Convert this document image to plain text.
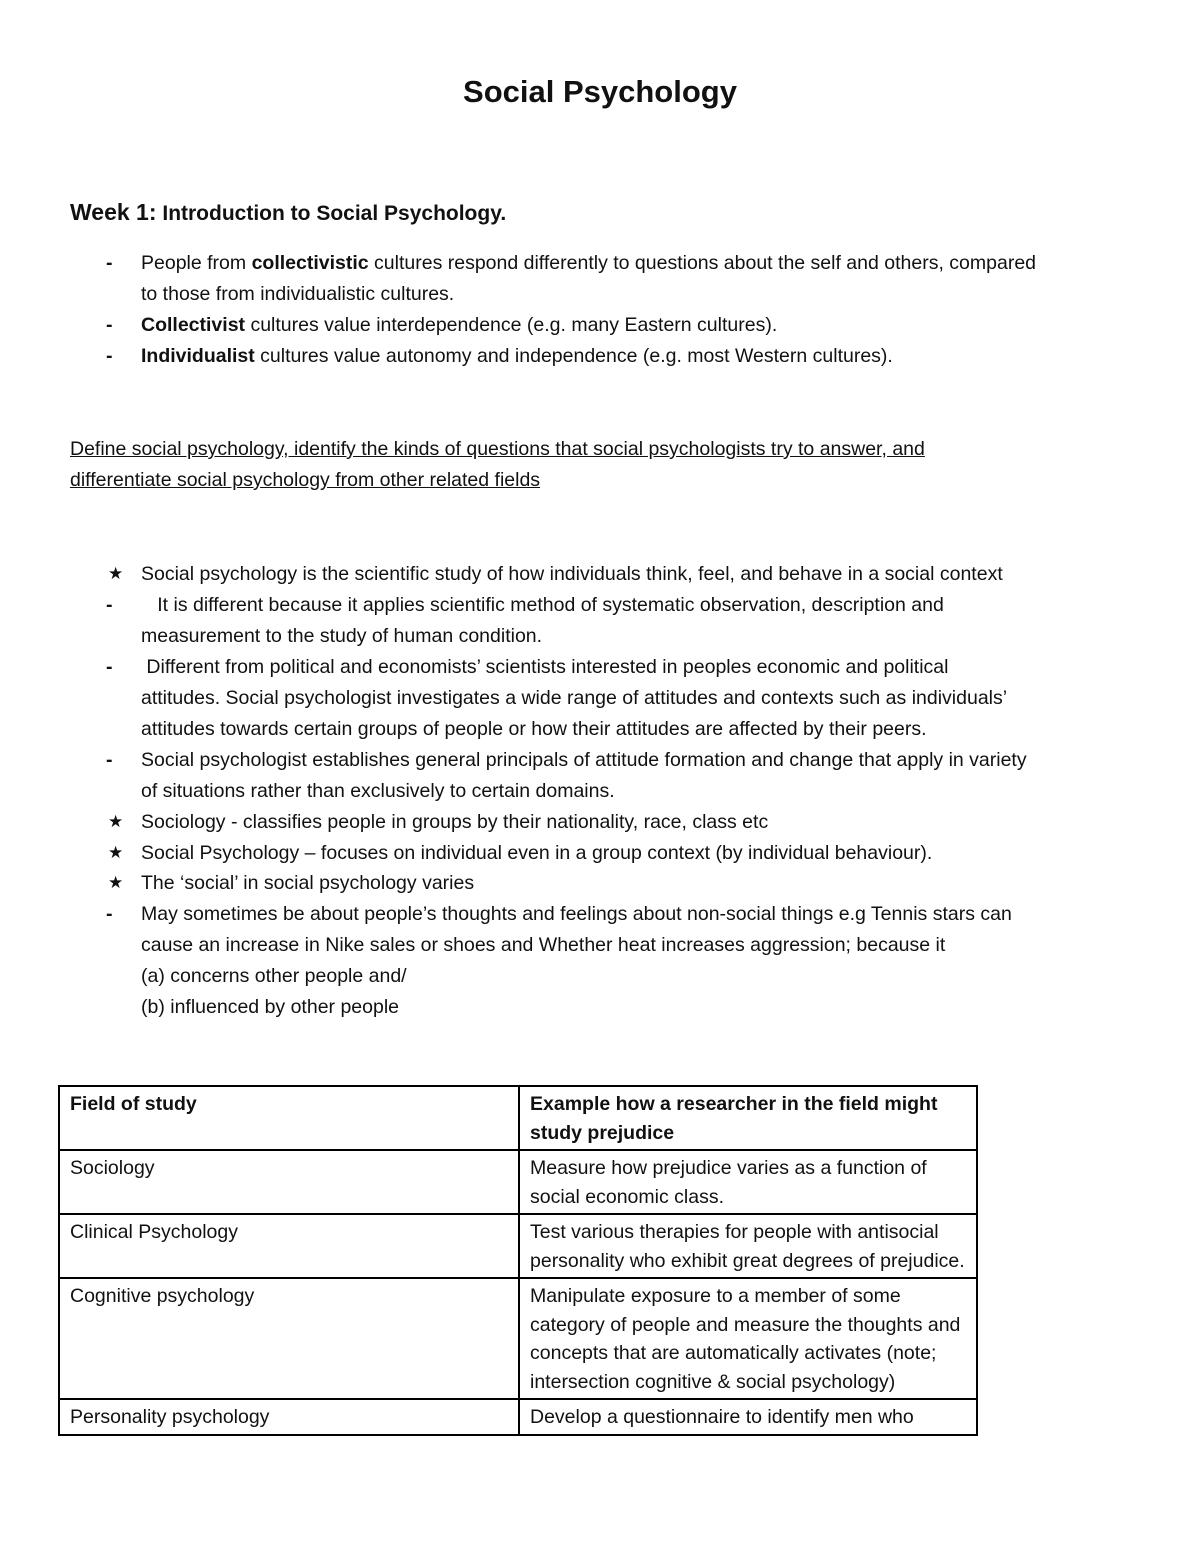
Social Psychology
Week 1: Introduction to Social Psychology.
- People from collectivistic cultures respond differently to questions about the self and others, compared
to those from individualistic cultures.
- Collectivist cultures value interdependence (e.g. many Eastern cultures).
- Individualist cultures value autonomy and independence (e.g. most Western cultures).
Define social psychology, identify the kinds of questions that social psychologists try to answer, and
differentiate social psychology from other related fields
★ Social psychology is the scientific study of how individuals think, feel, and behave in a social context
- It is different because it applies scientific method of systematic observation, description and
measurement to the study of human condition.
- Different from political and economists’ scientists interested in peoples economic and political
attitudes. Social psychologist investigates a wide range of attitudes and contexts such as individuals’
attitudes towards certain groups of people or how their attitudes are affected by their peers.
- Social psychologist establishes general principals of attitude formation and change that apply in variety
of situations rather than exclusively to certain domains.
★ Sociology - classifies people in groups by their nationality, race, class etc
★ Social Psychology – focuses on individual even in a group context (by individual behaviour).
★ The ‘social’ in social psychology varies
- May sometimes be about people’s thoughts and feelings about non-social things e.g Tennis stars can
cause an increase in Nike sales or shoes and Whether heat increases aggression; because it
(a) concerns other people and/
(b) influenced by other people
Field of study	Example how a researcher in the field might study prejudice
Sociology	Measure how prejudice varies as a function of social economic class.
Clinical Psychology	Test various therapies for people with antisocial personality who exhibit great degrees of prejudice.
Cognitive psychology	Manipulate exposure to a member of some category of people and measure the thoughts and concepts that are automatically activates (note; intersection cognitive & social psychology)
Personality psychology	Develop a questionnaire to identify men who
